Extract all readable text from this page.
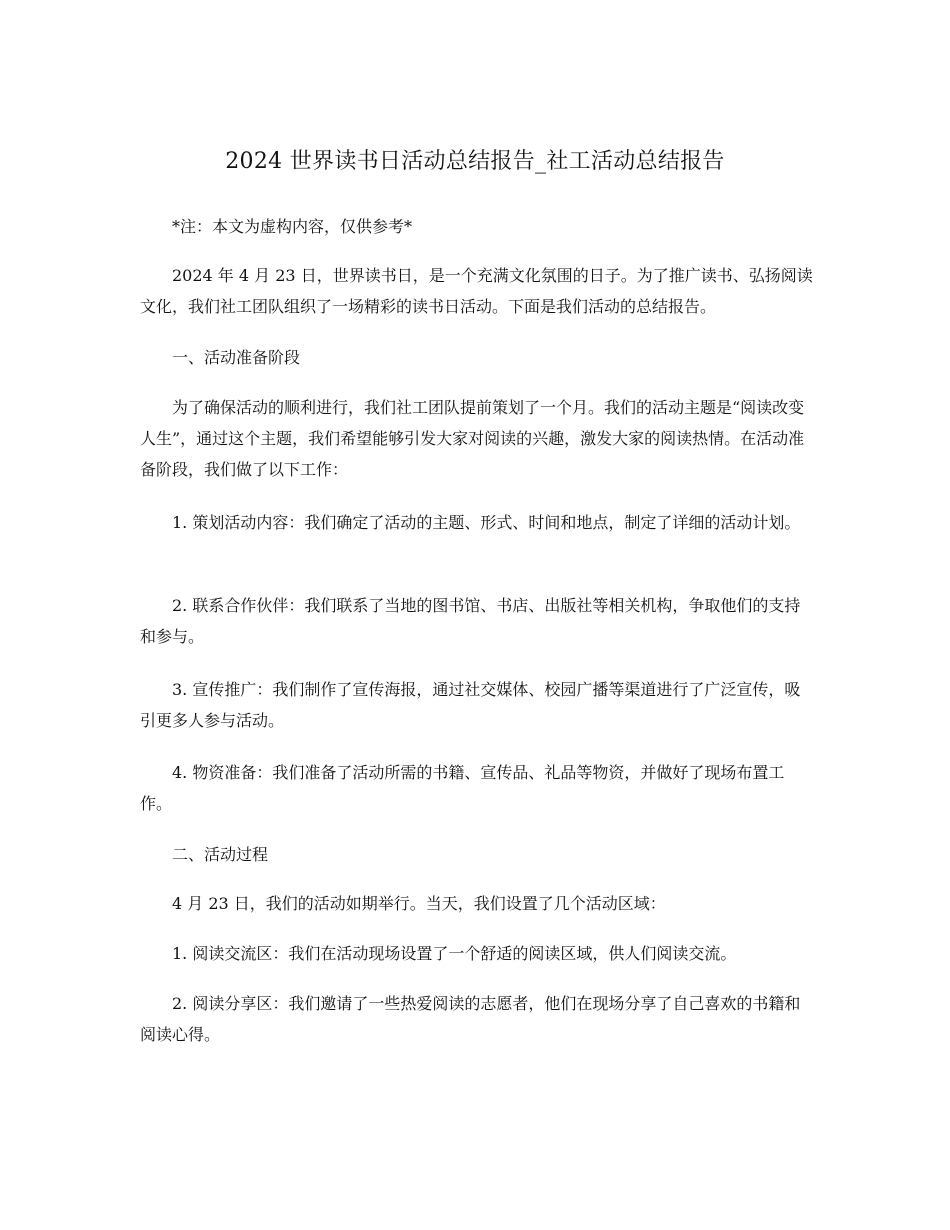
2024 世界读书日活动总结报告_社工活动总结报告

*注：本文为虚构内容，仅供参考*

2024 年 4 月 23 日，世界读书日，是一个充满文化氛围的日子。为了推广读书、弘扬阅读文化，我们社工团队组织了一场精彩的读书日活动。下面是我们活动的总结报告。

一、活动准备阶段

为了确保活动的顺利进行，我们社工团队提前策划了一个月。我们的活动主题是“阅读改变人生”，通过这个主题，我们希望能够引发大家对阅读的兴趣，激发大家的阅读热情。在活动准备阶段，我们做了以下工作：

1. 策划活动内容：我们确定了活动的主题、形式、时间和地点，制定了详细的活动计划。

2. 联系合作伙伴：我们联系了当地的图书馆、书店、出版社等相关机构，争取他们的支持和参与。

3. 宣传推广：我们制作了宣传海报，通过社交媒体、校园广播等渠道进行了广泛宣传，吸引更多人参与活动。

4. 物资准备：我们准备了活动所需的书籍、宣传品、礼品等物资，并做好了现场布置工作。

二、活动过程

4 月 23 日，我们的活动如期举行。当天，我们设置了几个活动区域：

1. 阅读交流区：我们在活动现场设置了一个舒适的阅读区域，供人们阅读交流。

2. 阅读分享区：我们邀请了一些热爱阅读的志愿者，他们在现场分享了自己喜欢的书籍和阅读心得。
